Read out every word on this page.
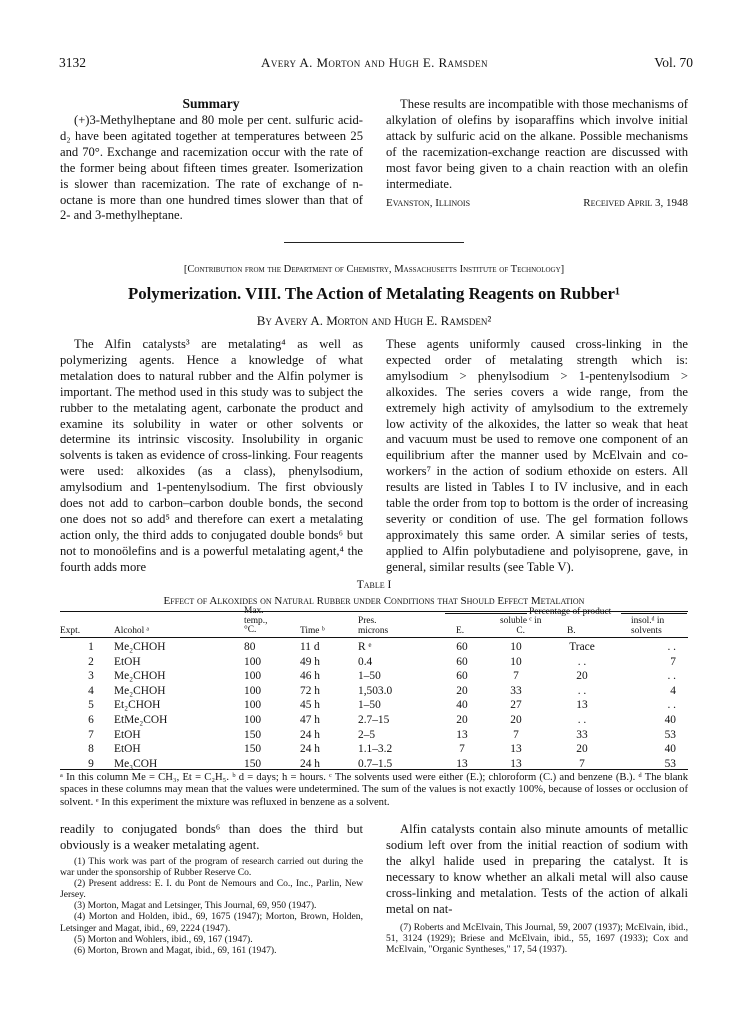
3132	Avery A. Morton and Hugh E. Ramsden	Vol. 70
Summary

(+)3-Methylheptane and 80 mole per cent. sulfuric acid-d₂ have been agitated together at temperatures between 25 and 70°. Exchange and racemization occur with the rate of the former being about fifteen times greater. Isomerization is slower than racemization. The rate of exchange of n-octane is more than one hundred times slower than that of 2- and 3-methylheptane.

These results are incompatible with those mechanisms of alkylation of olefins by isoparaffins which involve initial attack by sulfuric acid on the alkane. Possible mechanisms of the racemization-exchange reaction are discussed with most favor being given to a chain reaction with an olefin intermediate.

Evanston, Illinois	Received April 3, 1948
[Contribution from the Department of Chemistry, Massachusetts Institute of Technology]
Polymerization. VIII. The Action of Metalating Reagents on Rubber¹
By Avery A. Morton and Hugh E. Ramsden²

The Alfin catalysts³ are metalating⁴ as well as polymerizing agents. Hence a knowledge of what metalation does to natural rubber and the Alfin polymer is important. The method used in this study was to subject the rubber to the metalating agent, carbonate the product and examine its solubility in water or other solvents or determine its intrinsic viscosity. Insolubility in organic solvents is taken as evidence of cross-linking. Four reagents were used: alkoxides (as a class), phenylsodium, amylsodium and 1-pentenylsodium. The first obviously does not add to carbon–carbon double bonds, the second one does not so add⁵ and therefore can exert a metalating action only, the third adds to conjugated double bonds⁶ but not to monoölefins and is a powerful metalating agent,⁴ the fourth adds more

These agents uniformly caused cross-linking in the expected order of metalating strength which is: amylsodium > phenylsodium > 1-pentenylsodium > alkoxides. The series covers a wide range, from the extremely high activity of amylsodium to the extremely low activity of the alkoxides, the latter so weak that heat and vacuum must be used to remove one component of an equilibrium after the manner used by McElvain and co-workers⁷ in the action of sodium ethoxide on esters. All results are listed in Tables I to IV inclusive, and in each table the order from top to bottom is the order of increasing severity or condition of use. The gel formation follows approximately this same order. A similar series of tests, applied to Alfin polybutadiene and polyisoprene, gave, in general, similar results (see Table V).

Table I
Effect of Alkoxides on Natural Rubber under Conditions that Should Effect Metalation
Expt.	Alcohol ᵃ
Max.
temp.,
°C.	Time ᵇ
Pres.
microns
Percentage of product
E.
soluble ᶜ in
C.	B.
insol.ᵈ in
solvents
1	Me₂CHOH	80	11 d	R ᵉ	60	10	Trace	. .
2	EtOH	100	49 h	0.4	60	10	. .	7
3	Me₂CHOH	100	46 h	1–50	60	7	20	. .
4	Me₂CHOH	100	72 h	1,503.0	20	33	. .	4
5	Et₂CHOH	100	45 h	1–50	40	27	13	. .
6	EtMe₂COH	100	47 h	2.7–15	20	20	. .	40
7	EtOH	150	24 h	2–5	13	7	33	53
8	EtOH	150	24 h	1.1–3.2	7	13	20	40
9	Me₃COH	150	24 h	0.7–1.5	13	13	7	53
ᵃ In this column Me = CH₃, Et = C₂H₅. ᵇ d = days; h = hours. ᶜ The solvents used were either (E.); chloroform (C.) and benzene (B.). ᵈ The blank spaces in these columns may mean that the values were undetermined. The sum of the values is not exactly 100%, because of losses or occlusion of solvent. ᵉ In this experiment the mixture was refluxed in benzene as a solvent.

readily to conjugated bonds⁶ than does the third but obviously is a weaker metalating agent.

Alfin catalysts contain also minute amounts of metallic sodium left over from the initial reaction of sodium with the alkyl halide used in preparing the catalyst. It is necessary to know whether an alkali metal will also cause cross-linking and metalation. Tests of the action of alkali metal on nat-

(1) This work was part of the program of research carried out during the war under the sponsorship of Rubber Reserve Co.

(2) Present address: E. I. du Pont de Nemours and Co., Inc., Parlin, New Jersey.

(3) Morton, Magat and Letsinger, This Journal, 69, 950 (1947).

(4) Morton and Holden, ibid., 69, 1675 (1947); Morton, Brown, Holden, Letsinger and Magat, ibid., 69, 2224 (1947).

(5) Morton and Wohlers, ibid., 69, 167 (1947).

(6) Morton, Brown and Magat, ibid., 69, 161 (1947).

(7) Roberts and McElvain, This Journal, 59, 2007 (1937); McElvain, ibid., 51, 3124 (1929); Briese and McElvain, ibid., 55, 1697 (1933); Cox and McElvain, "Organic Syntheses," 17, 54 (1937).
